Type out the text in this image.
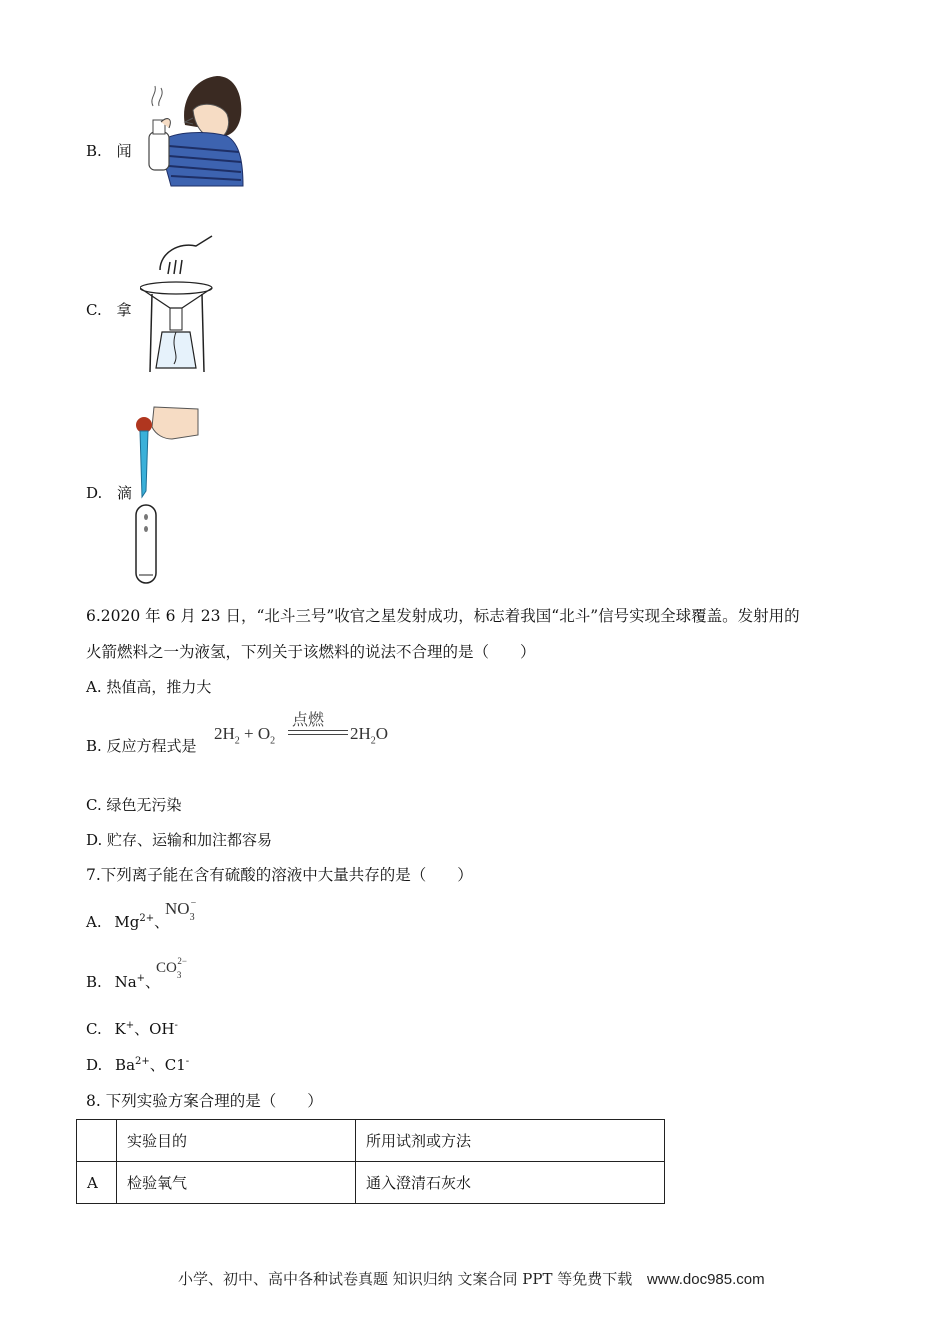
B. 闻
C. 拿
D. 滴
6.2020 年 6 月 23 日，“北斗三号”收官之星发射成功，标志着我国“北斗”信号实现全球覆盖。发射用的
火箭燃料之一为液氢，下列关于该燃料的说法不合理的是（　　）
A. 热值高，推力大
B. 反应方程式是
$2H_2 + O_2$
点燃
$2H_2O$
C. 绿色无污染
D. 贮存、运输和加注都容易
7.下列离子能在含有硫酸的溶液中大量共存的是（　　）
A. $Mg^{2+}$、
$NO_3^-$
B. Na+、
$CO_3^{2-}$
C. K+、OH-
D. $Ba^{2+}$、C1-
8. 下列实验方案合理的是（　　）
	实验目的	所用试剂或方法
A	检验氧气	通入澄清石灰水
小学、初中、高中各种试卷真题 知识归纳 文案合同 PPT 等免费下载 www.doc985.com
